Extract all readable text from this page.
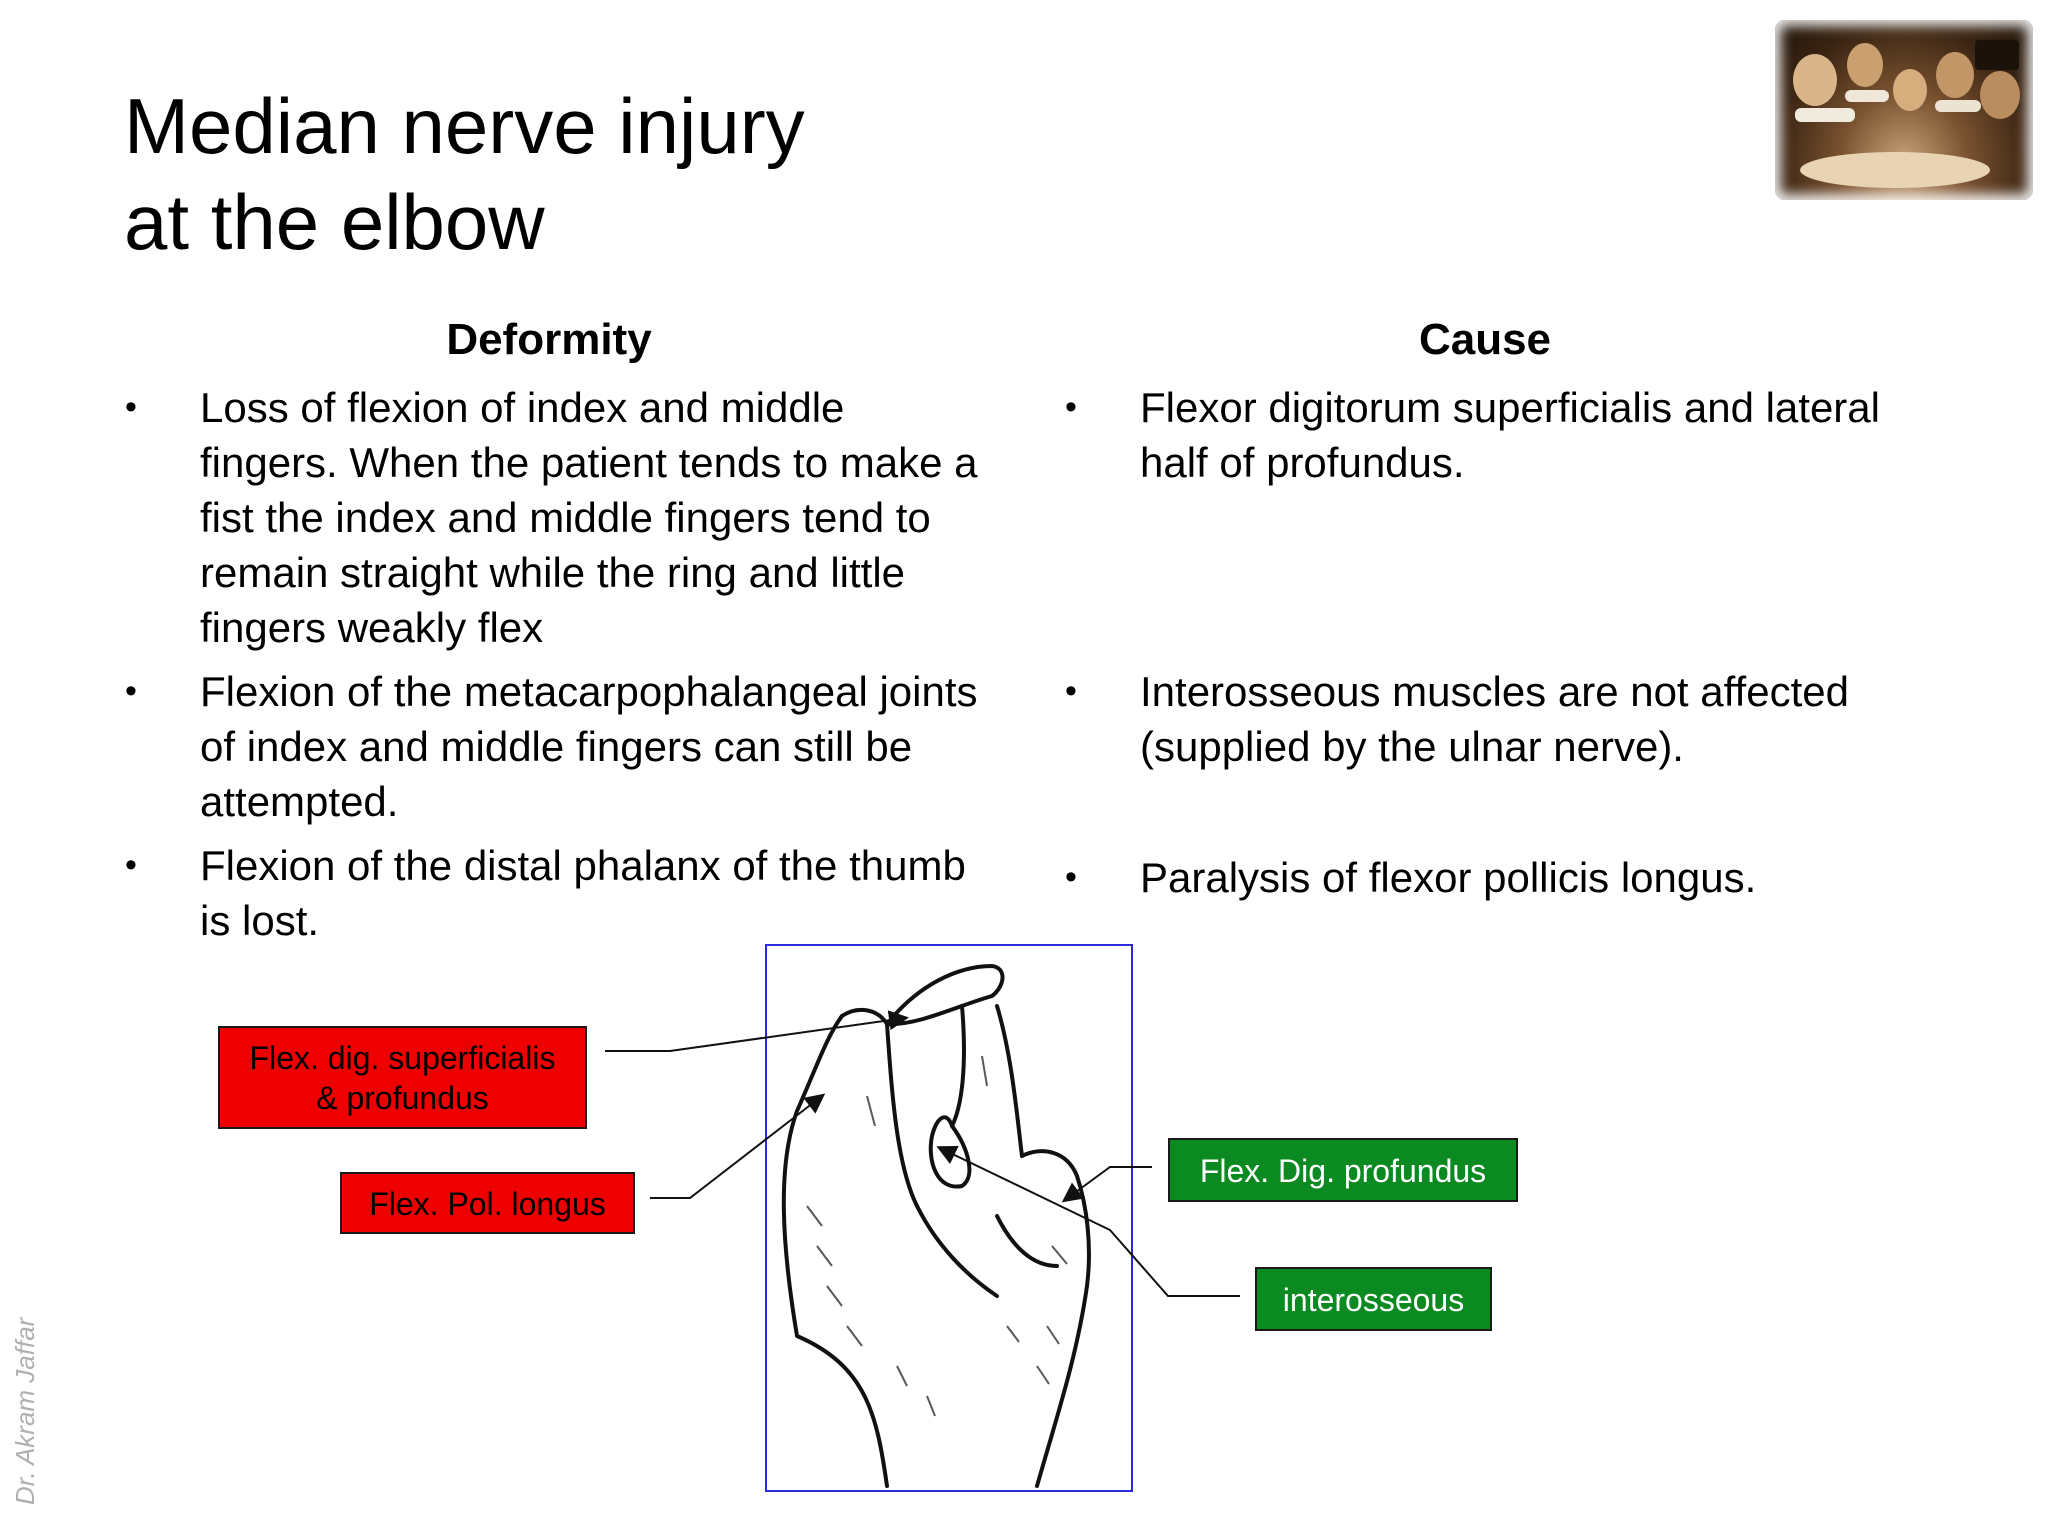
Median nerve injury
at the elbow
Deformity	Cause
• Loss of flexion of index and middle fingers. When the patient tends to make a fist the index and middle fingers tend to remain straight while the ring and little fingers weakly flex
• Flexion of the metacarpophalangeal joints of index and middle fingers can still be attempted.
• Flexion of the distal phalanx of the thumb is lost.
• Flexor digitorum superficialis and lateral half of profundus.
• Interosseous muscles are not affected (supplied by the ulnar nerve).
• Paralysis of flexor pollicis longus.
Flex. dig. superficialis
& profundus
Flex. Pol. longus
Flex. Dig. profundus
interosseous
Dr. Akram Jaffar
